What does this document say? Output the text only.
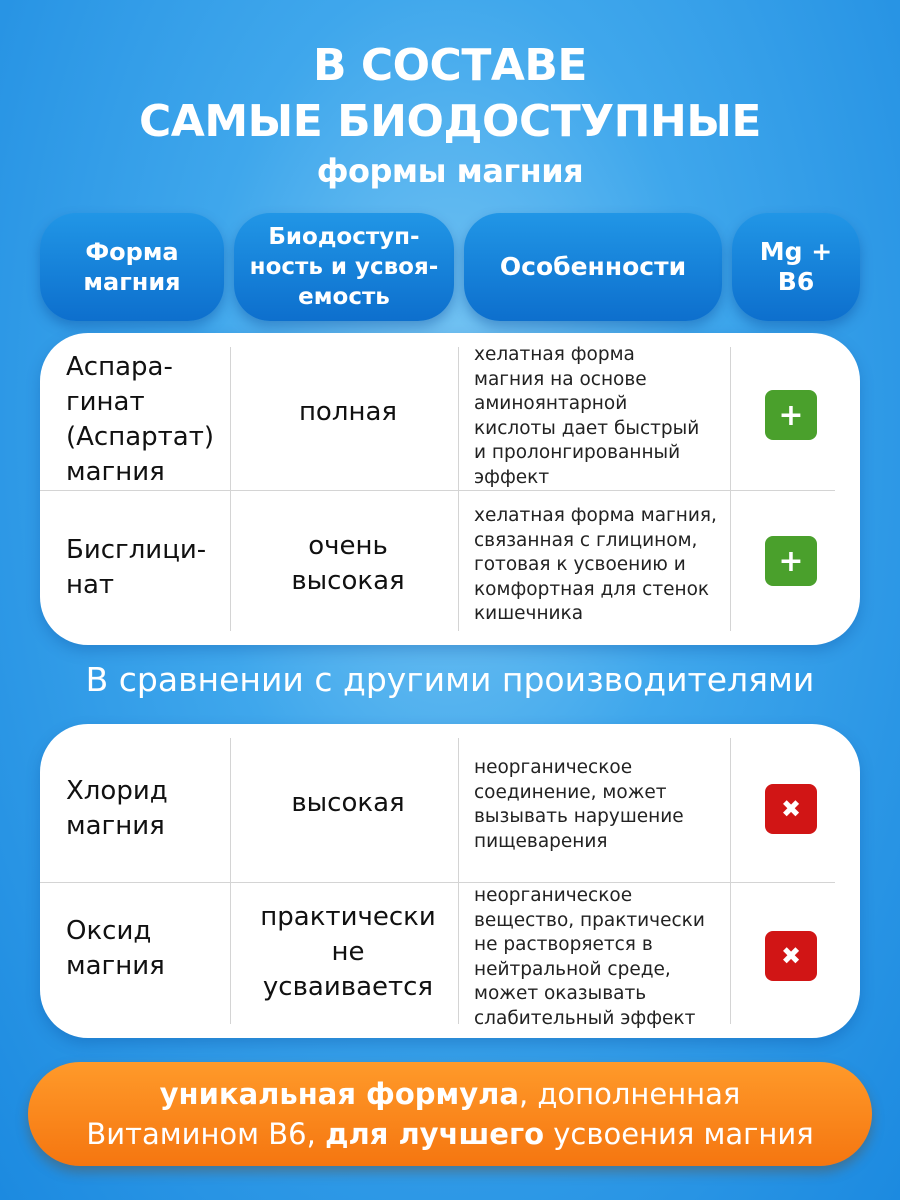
В СОСТАВЕ
САМЫЕ БИОДОСТУПНЫЕ
формы магния
Форма
магния
Биодоступ-
ность и усвоя-
емость
Особенности
Mg + B6
Аспара-
гинат
(Аспартат)
магния
полная
хелатная форма
магния на основе
aминоянтарной
кислоты дает быстрый
и пролонгированный
эффект
+
Бисглици-
нат
очень
высокая
хелатная форма магния,
связанная с глицином,
готовая к усвоению и
комфортная для стенок
кишечника
+
В сравнении с другими производителями
Хлорид
магния
высокая
неорганическое
соединение, может
вызывать нарушение
пищеварения
✖
Оксид
магния
практически
не
усваивается
неорганическое
вещество, практически
не растворяется в
нейтральной среде,
может оказывать
слабительный эффект
✖
уникальная формула, дополненная
Витамином B6, для лучшего усвоения магния
